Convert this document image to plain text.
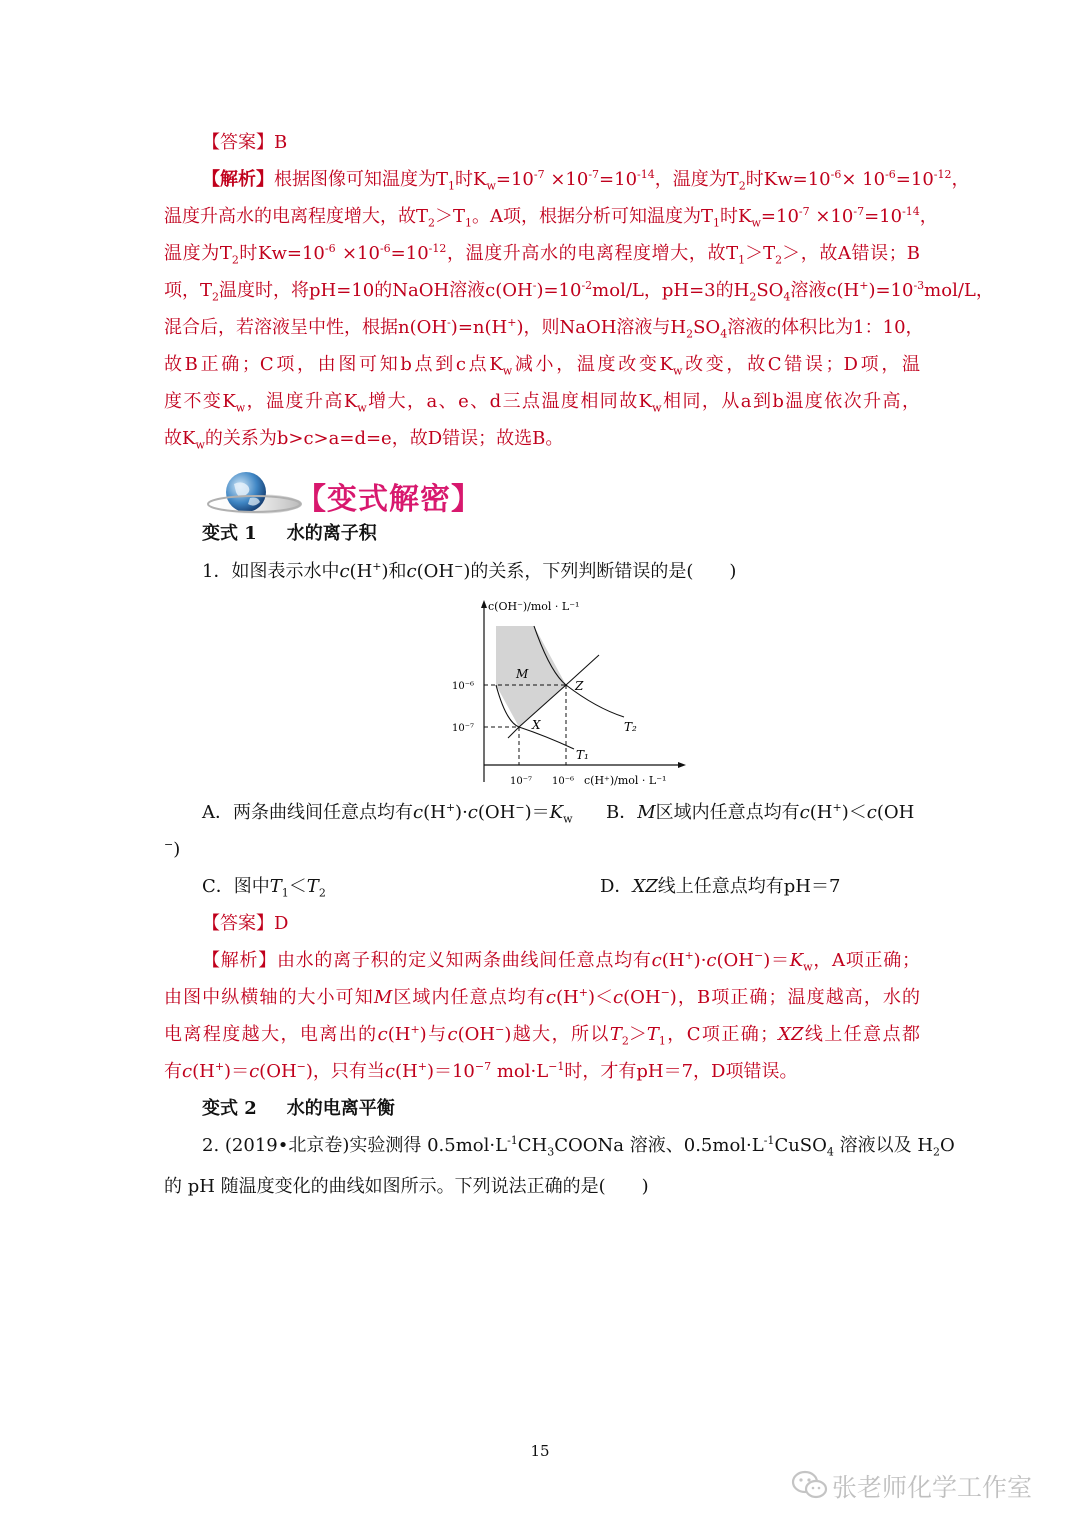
【答案】B
【解析】根据图像可知温度为$T_1$时$K_w=10^{-7} \times 10^{-7}=10^{-14}$，温度为$T_2$时$Kw=10^{-6}\times 10^{-6}=10^{-12}$，
温度升高水的电离程度增大，故$T_2>T_1$。A项，根据分析可知温度为$T_1$时$K_w=10^{-7} \times 10^{-7}=10^{-14}$，
温度为$T_2$时$Kw=10^{-6} \times 10^{-6}=10^{-12}$，温度升高水的电离程度增大，故$T_1>T_2>$，故A错误；B
项，$T_2$温度时，将pH=10的NaOH溶液$c(OH^-)=10^{-2}mol/L$，pH=3的$H_2SO_4$溶液$c(H^+)=10^{-3}mol/L$，
混合后，若溶液呈中性，根据n(OH-)=n(H+)，则NaOH溶液与$H_2SO_4$溶液的体积比为1：10，
故B正确；C项，由图可知b点到c点$K_w$减小，温度改变$K_w$改变，故C错误；D项，温
度不变$K_w$，温度升高$K_w$增大，a、e、d三点温度相同故$K_w$相同，从a到b温度依次升高，
故$K_w$的关系为b>c>a=d=e，故D错误；故选B。
【变式解密】
变式 1 水的离子积
1．如图表示水中c(H+)和c(OH−)的关系，下列判断错误的是(　　)
c(OH⁻)/mol · L⁻¹
c(H⁺)/mol · L⁻¹
10⁻⁷ 10⁻⁶
10⁻⁶
10⁻⁷
M
Z
X
T₁
T₂
A．两条曲线间任意点均有$c(H^+)\cdot c(OH^-)=K_w$ B．M区域内任意点均有c(H+)＜c(OH
−)
C．图中$T_1<T_2$	D．XZ线上任意点均有pH＝7
【答案】D
【解析】由水的离子积的定义知两条曲线间任意点均有$c(H^+)\cdot c(OH^-)=K_w$，A项正确；
由图中纵横轴的大小可知M区域内任意点均有c(H+)＜c(OH−)，B项正确；温度越高，水的
电离程度越大，电离出的c(H+)与c(OH−)越大，所以$T_2>T_1$，C项正确；XZ线上任意点都
有c(H+)＝c(OH−)，只有当$c(H^+)=10^{-7}$ $mol\cdot L^{-1}$时，才有pH＝7，D项错误。
变式 2 水的电离平衡
2. (2019•北京卷)实验测得 $0.5mol\cdot L^{-1}CH_3COONa$ 溶液、$0.5mol\cdot L^{-1}CuSO_4$ 溶液以及 $H_2O$
的 pH 随温度变化的曲线如图所示。下列说法正确的是(　　)
15
张老师化学工作室
